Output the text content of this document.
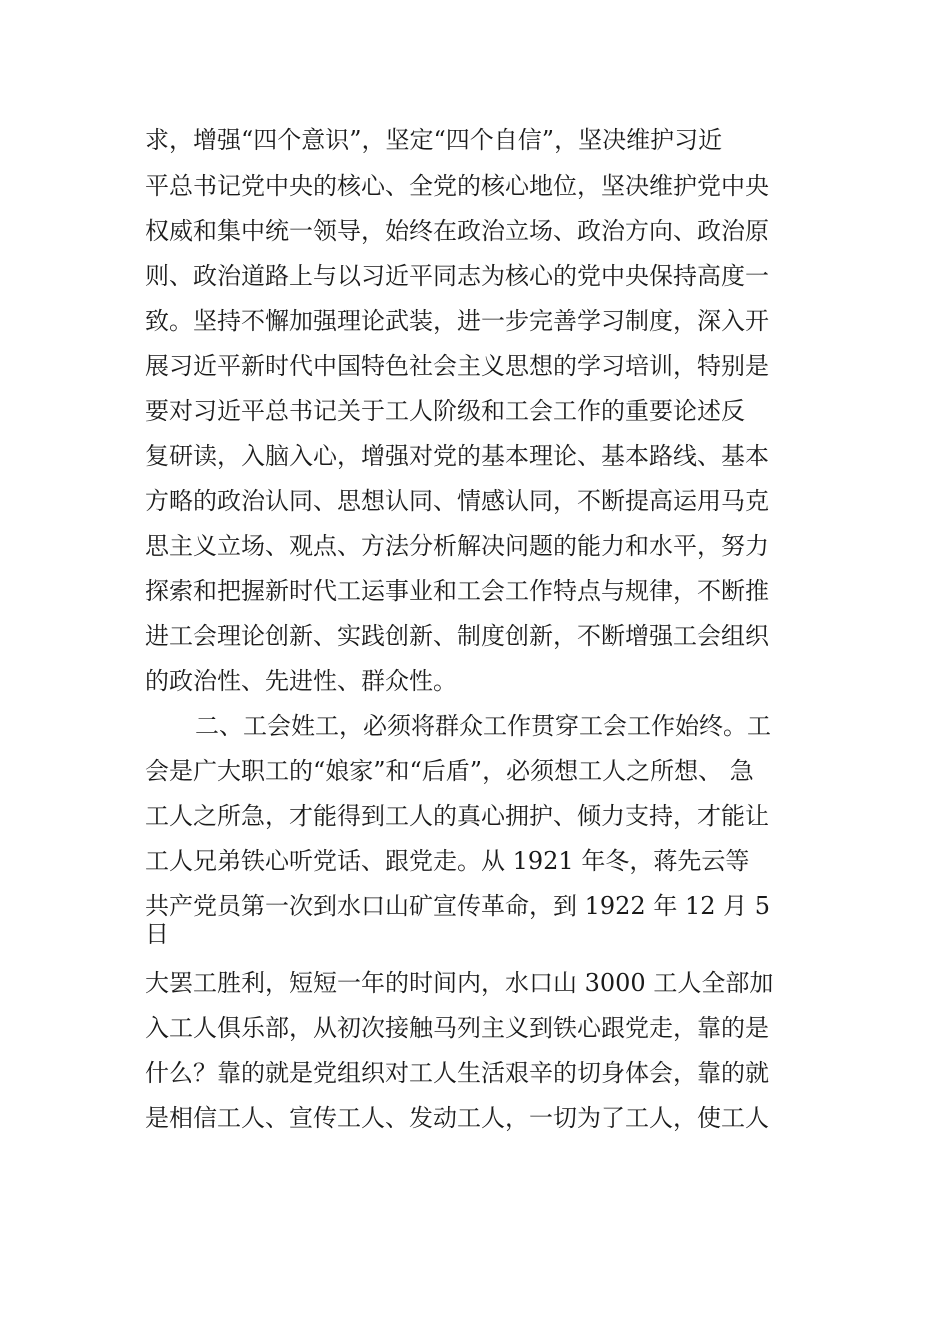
求，增强“四个意识”，坚定“四个自信”，坚决维护习近
平总书记党中央的核心、全党的核心地位，坚决维护党中央
权威和集中统一领导，始终在政治立场、政治方向、政治原
则、政治道路上与以习近平同志为核心的党中央保持高度一
致。坚持不懈加强理论武装，进一步完善学习制度，深入开
展习近平新时代中国特色社会主义思想的学习培训，特别是
要对习近平总书记关于工人阶级和工会工作的重要论述反
复研读，入脑入心，增强对党的基本理论、基本路线、基本
方略的政治认同、思想认同、情感认同，不断提高运用马克
思主义立场、观点、方法分析解决问题的能力和水平，努力
探索和把握新时代工运事业和工会工作特点与规律，不断推
进工会理论创新、实践创新、制度创新，不断增强工会组织
的政治性、先进性、群众性。
二、工会姓工，必须将群众工作贯穿工会工作始终。工
会是广大职工的“娘家”和“后盾”，必须想工人之所想、 急
工人之所急，才能得到工人的真心拥护、倾力支持，才能让
工人兄弟铁心听党话、跟党走。从 1921 年冬，蒋先云等
共产党员第一次到水口山矿宣传革命，到 1922 年 12 月 5
日
大罢工胜利，短短一年的时间内，水口山 3000 工人全部加
入工人俱乐部，从初次接触马列主义到铁心跟党走，靠的是
什么？靠的就是党组织对工人生活艰辛的切身体会，靠的就
是相信工人、宣传工人、发动工人，一切为了工人，使工人
